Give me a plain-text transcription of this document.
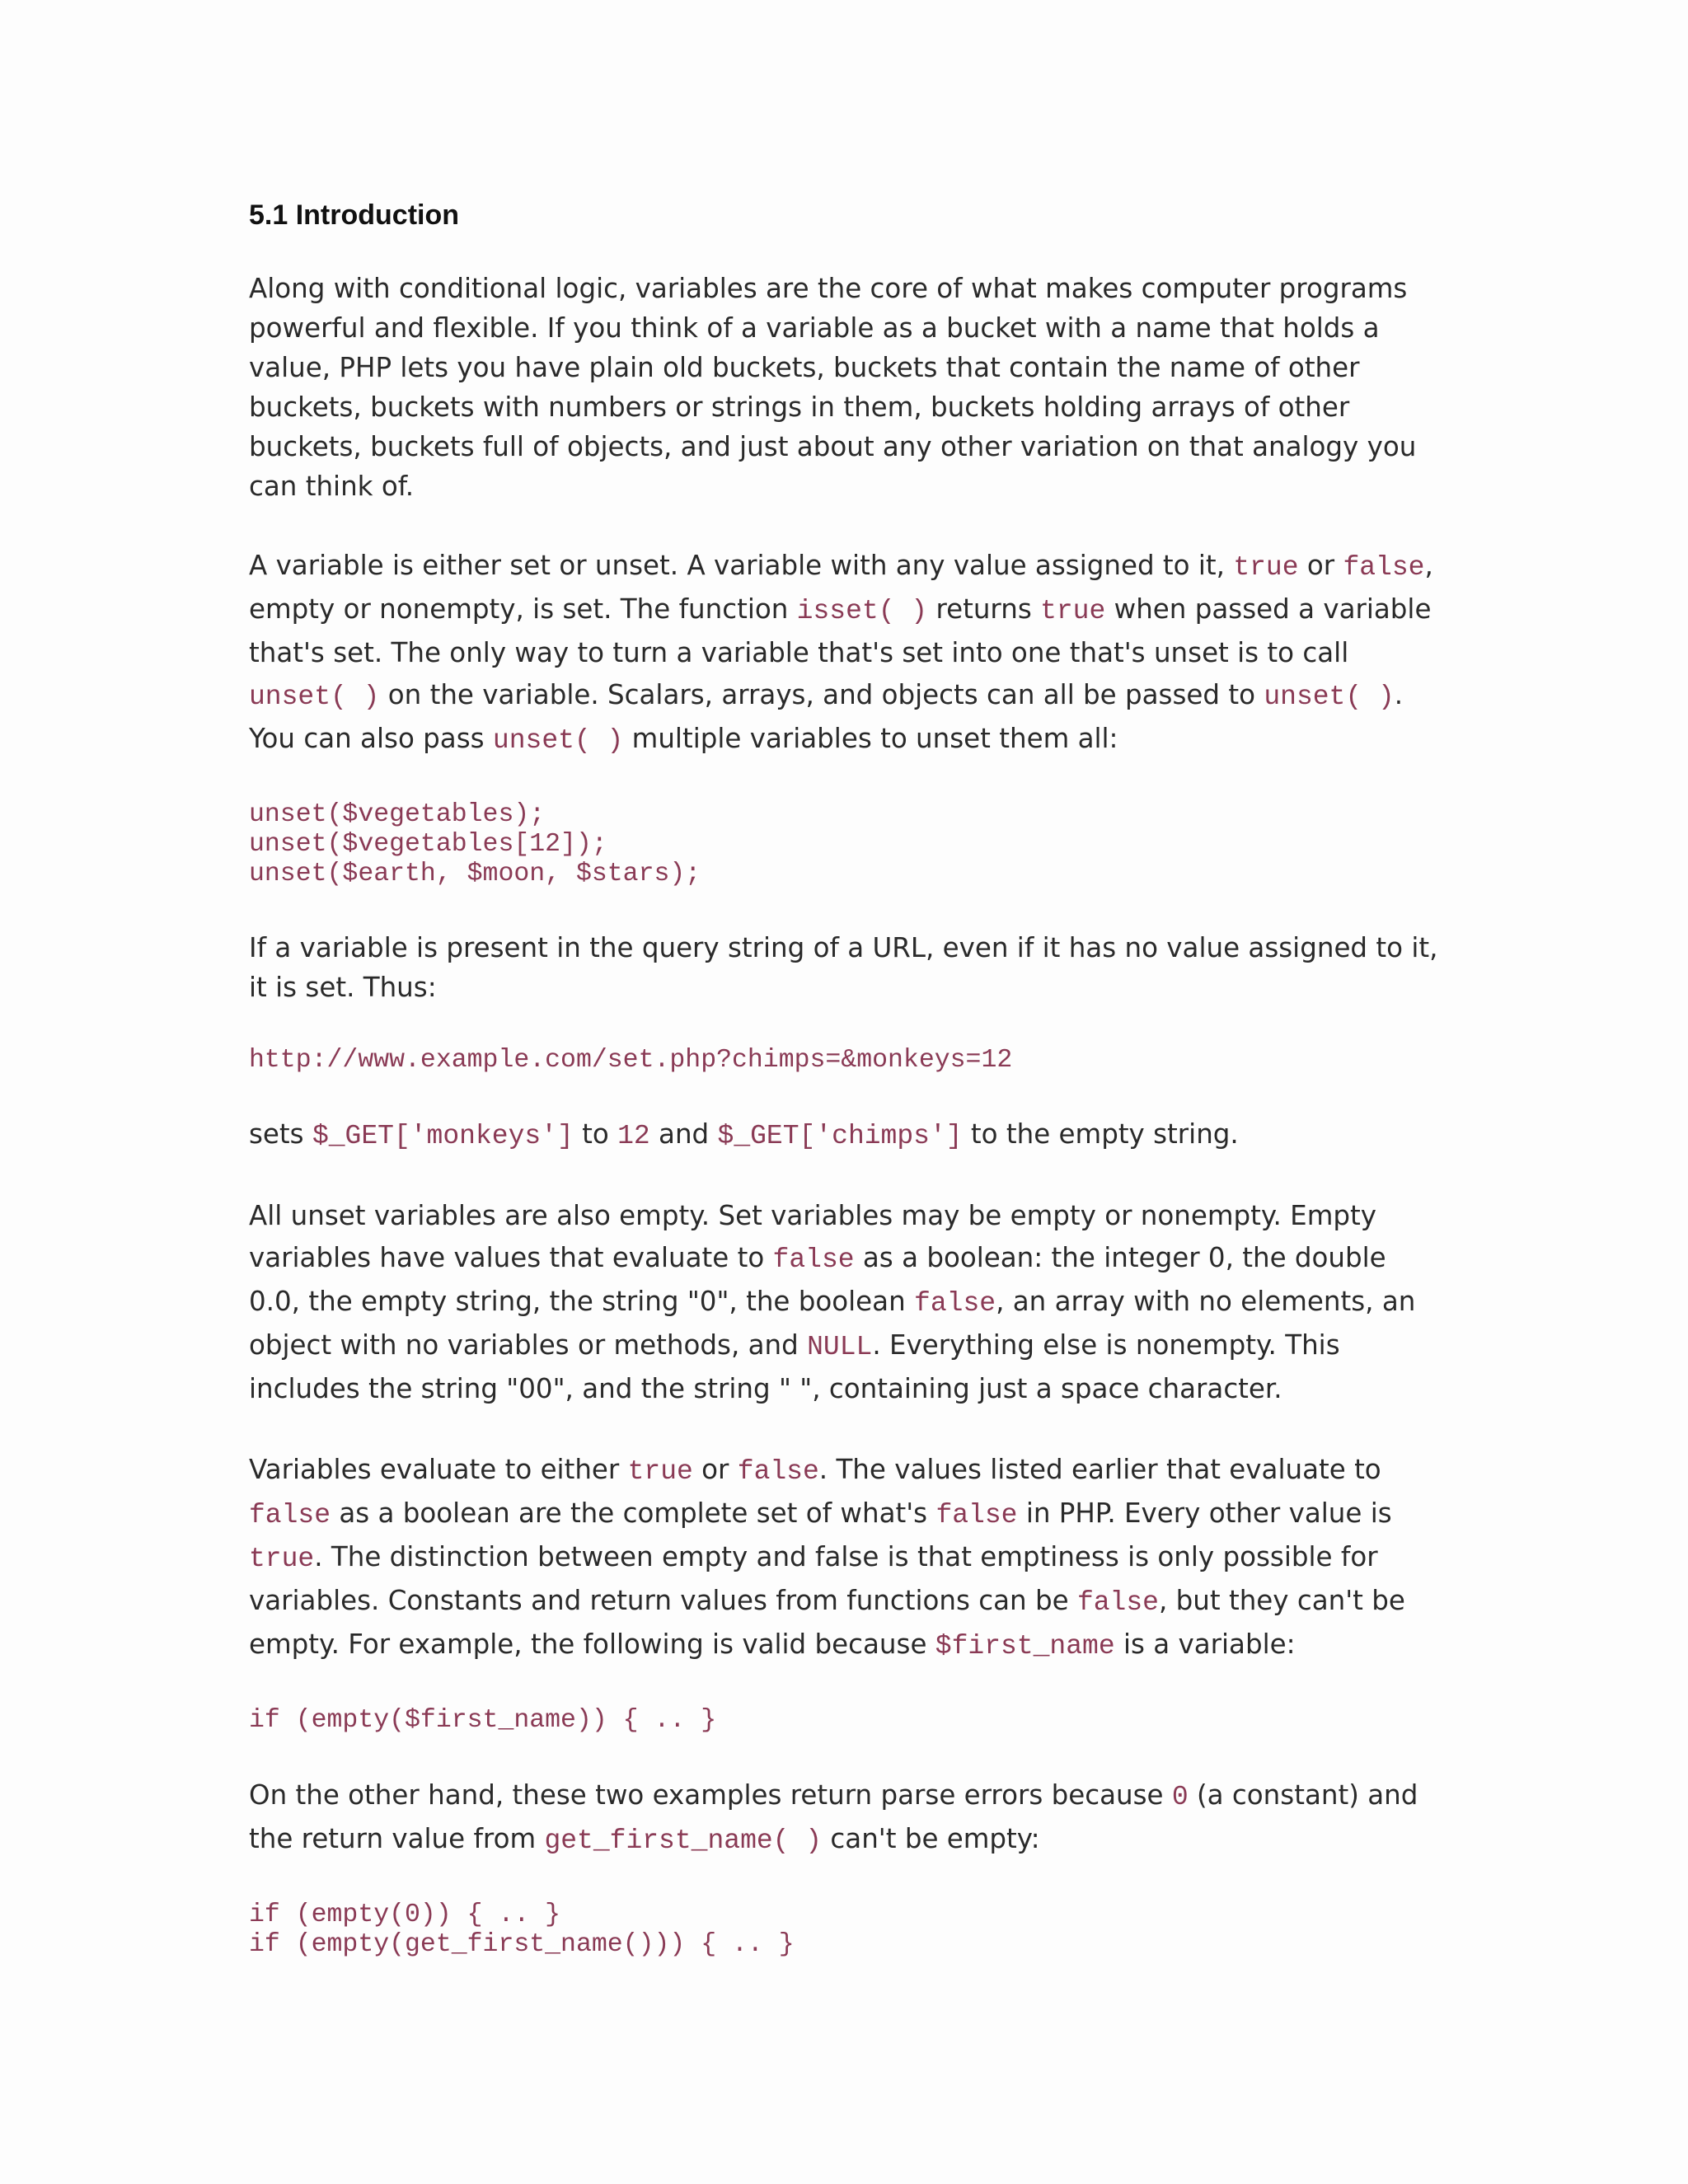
5.1 Introduction

Along with conditional logic, variables are the core of what makes computer programs powerful and flexible. If you think of a variable as a bucket with a name that holds a value, PHP lets you have plain old buckets, buckets that contain the name of other buckets, buckets with numbers or strings in them, buckets holding arrays of other buckets, buckets full of objects, and just about any other variation on that analogy you can think of.

A variable is either set or unset. A variable with any value assigned to it, true or false, empty or nonempty, is set. The function isset( ) returns true when passed a variable that's set. The only way to turn a variable that's set into one that's unset is to call unset( ) on the variable. Scalars, arrays, and objects can all be passed to unset( ). You can also pass unset( ) multiple variables to unset them all:

unset($vegetables);
unset($vegetables[12]);
unset($earth, $moon, $stars);

If a variable is present in the query string of a URL, even if it has no value assigned to it, it is set. Thus:

http://www.example.com/set.php?chimps=&monkeys=12

sets $_GET['monkeys'] to 12 and $_GET['chimps'] to the empty string.

All unset variables are also empty. Set variables may be empty or nonempty. Empty variables have values that evaluate to false as a boolean: the integer 0, the double 0.0, the empty string, the string "0", the boolean false, an array with no elements, an object with no variables or methods, and NULL. Everything else is nonempty. This includes the string "00", and the string " ", containing just a space character.

Variables evaluate to either true or false. The values listed earlier that evaluate to false as a boolean are the complete set of what's false in PHP. Every other value is true. The distinction between empty and false is that emptiness is only possible for variables. Constants and return values from functions can be false, but they can't be empty. For example, the following is valid because $first_name is a variable:

if (empty($first_name)) { .. }

On the other hand, these two examples return parse errors because 0 (a constant) and the return value from get_first_name( ) can't be empty:

if (empty(0)) { .. }
if (empty(get_first_name())) { .. }
